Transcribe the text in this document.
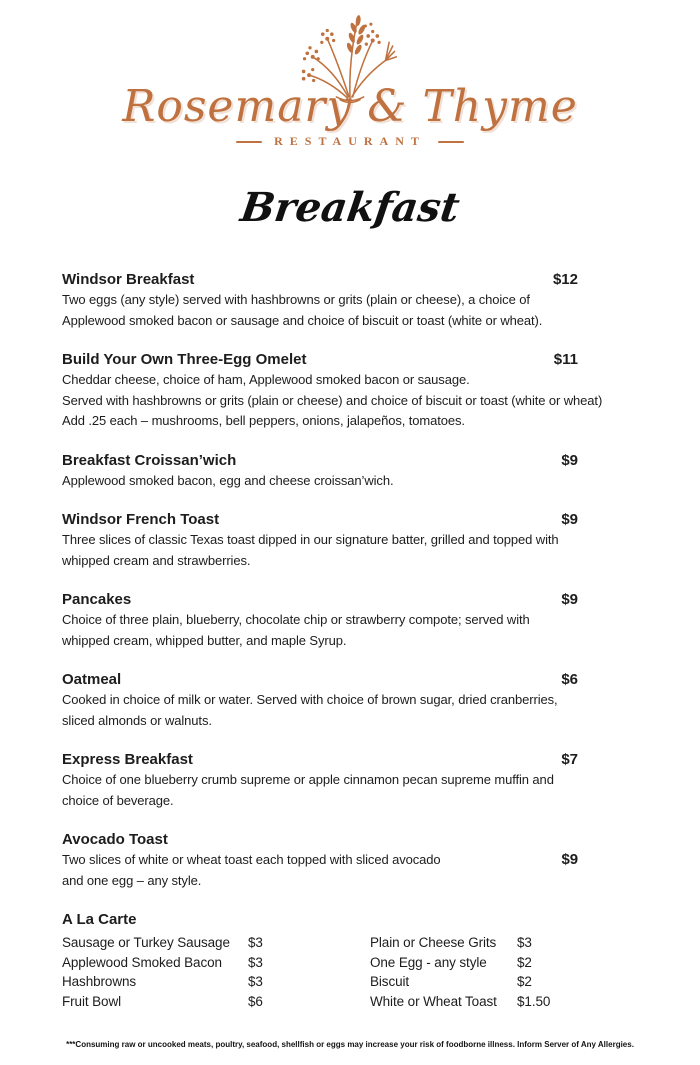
Rosemary & Thyme
RESTAURANT
Breakfast
Windsor Breakfast	$12
Two eggs (any style) served with hashbrowns or grits (plain or cheese), a choice of
Applewood smoked bacon or sausage and choice of biscuit or toast (white or wheat).
Build Your Own Three-Egg Omelet	$11
Cheddar cheese, choice of ham, Applewood smoked bacon or sausage.
Served with hashbrowns or grits (plain or cheese) and choice of biscuit or toast (white or wheat)
Add .25 each – mushrooms, bell peppers, onions, jalapeños, tomatoes.
Breakfast Croissan’wich	$9
Applewood smoked bacon, egg and cheese croissan’wich.
Windsor French Toast	$9
Three slices of classic Texas toast dipped in our signature batter, grilled and topped with
whipped cream and strawberries.
Pancakes	$9
Choice of three plain, blueberry, chocolate chip or strawberry compote; served with
whipped cream, whipped butter, and maple Syrup.
Oatmeal	$6
Cooked in choice of milk or water. Served with choice of brown sugar, dried cranberries,
sliced almonds or walnuts.
Express Breakfast	$7
Choice of one blueberry crumb supreme or apple cinnamon pecan supreme muffin and
choice of beverage.
Avocado Toast
Two slices of white or wheat toast each topped with sliced avocado	$9
and one egg – any style.
A La Carte
Sausage or Turkey Sausage	$3	Plain or Cheese Grits	$3
Applewood Smoked Bacon	$3	One Egg - any style	$2
Hashbrowns	$3	Biscuit	$2
Fruit Bowl	$6	White or Wheat Toast	$1.50
***Consuming raw or uncooked meats, poultry, seafood, shellfish or eggs may increase your risk of foodborne illness. Inform Server of Any Allergies.
